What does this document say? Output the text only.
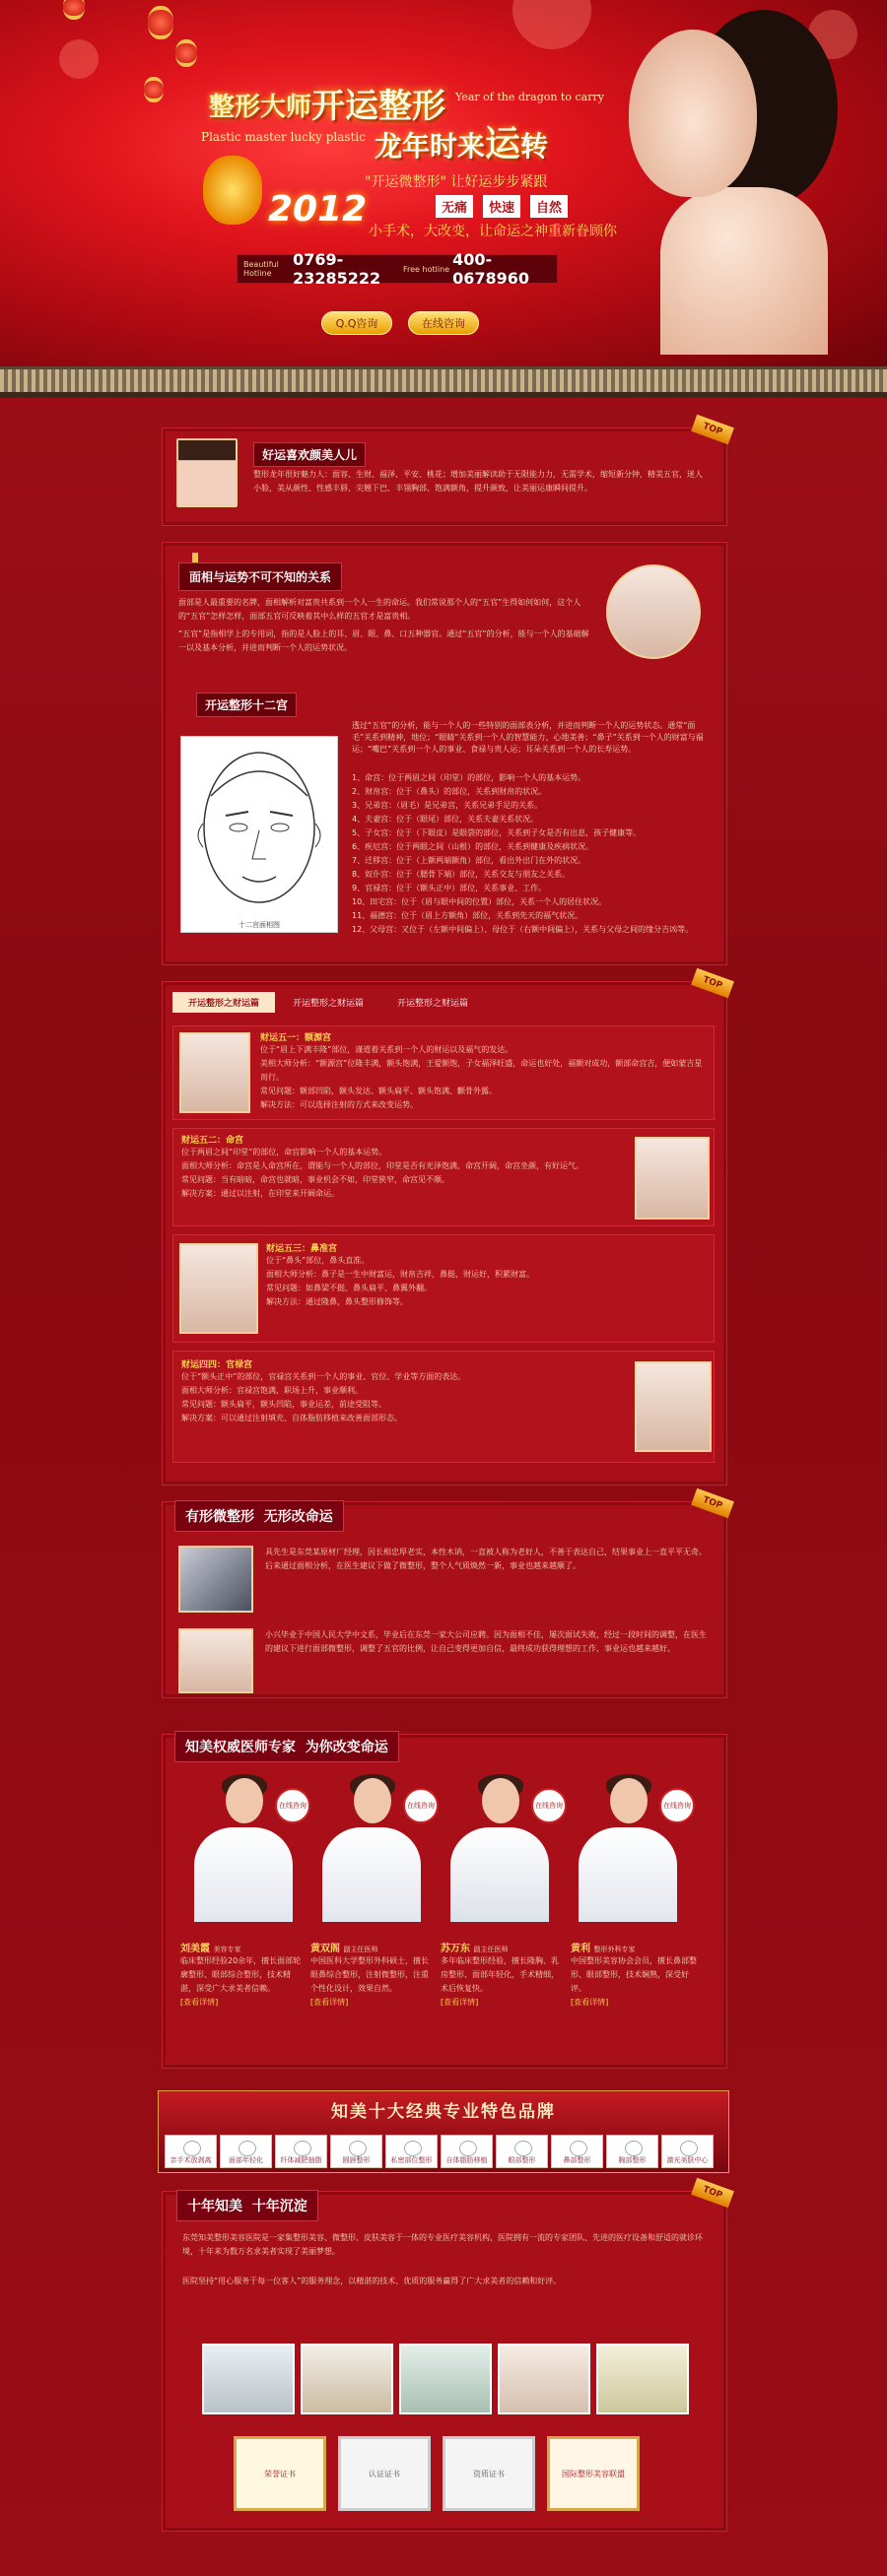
整形大师 开运整形 Year of the dragon to carry
Plastic master lucky plastic 龙年时来运转
2012
"开运微整形" 让好运步步紧跟
无痛	快速	自然
小手术，大改变，让命运之神重新眷顾你
Beautiful Hotline
0769-23285222	Free hotline 400-0678960
Q.Q咨询	在线咨询
TOP
好运喜欢颜美人儿
整形龙年很好魅力人：面容、生财、福泽、平安、桃花；增加美丽解读助于无限能力力，无需学术，缩短新分钟，精美五官，迷人小脸，美从颜性、性感丰唇、尖翘下巴、丰翎胸部、饱满额角，提升颜致，让美丽运康瞬间提升。
面相与运势不可不知的关系
面部是人最重要的名牌，面相解析对富贵共系到一个人一生的命运。我们常说那个人的“五官”生得如何如何，这个人的“五官”怎样怎样，面部五官可反映着其中么样的五官才是富贵相。
“五官”是指相学上的专用词，指的是人脸上的耳、眉、眼、鼻、口五种器官。通过“五官”的分析，能与一个人的基础解一以及基本分析，并进而判断一个人的运势状况。
开运整形十二宫
十二宫面相图
透过“五官”的分析，能与一个人的一些特别的面部表分析，并进而判断一个人的运势状态。通常“面毛”关系到精神，地位；“眼睛”关系到一个人的智慧能力、心地美善；“鼻子”关系到一个人的财富与福运；“嘴巴”关系到一个人的事业、食禄与贵人运；耳朵关系到一个人的长寿运势。
1、命宫：位于两眉之间（印堂）的部位，影响一个人的基本运势。
2、财帛宫：位于（鼻头）的部位，关系到财帛的状况。
3、兄弟宫：（眉毛）是兄弟宫，关系兄弟手足的关系。
4、夫妻宫：位于（眼尾）部位，关系夫妻关系状况。
5、子女宫：位于（下眼皮）是眼袋的部位，关系到子女是否有出息，孩子健康等。
6、疾厄宫：位于两眼之间（山根）的部位，关系到健康及疾病状况。
7、迁移宫：位于（上额两端额角）部位，看出外出门在外的状况。
8、奴仆宫：位于（腮骨下端）部位，关系交友与朋友之关系。
9、官禄宫：位于（额头正中）部位，关系事业、工作。
10、田宅宫：位于（眉与眼中间的位置）部位，关系一个人的居住状况。
11、福德宫：位于（眉上方额角）部位，关系到先天的福气状况。
12、父母宫：又位于（左额中间偏上）、母位于（右额中间偏上），关系与父母之间的缘分吉凶等。
TOP
开运整形之财运篇	开运整形之财运篇	开运整形之财运篇
财运五一：额源宫
位于“眉上下满丰隆”部位，谨道着关系到一个人的财运以及福气的发达。
美相大师分析：“额源宫”位隆丰满，额头饱满，王爱额饱，子女福泽旺盛，命运也好处，福额对成功，额部命宫吉，便如蒙吉星而行。
常见问题：额部凹陷，额头发达、额头扁平、额头饱满、颧骨外露。
解决方法：可以选择注射的方式来改变运势。
财运五二：命宫
位于两眉之间“印堂”的部位，命宫影响一个人的基本运势。
面相大师分析：命宫是人命宫所在，谓能与一个人的部位，印堂是否有光泽饱满，命宫开阔，命宫坐颜，有好运气。
常见问题：当有暗暗，命宫也就暗，事业机会不如，印堂狭窄，命宫见不顺。
解决方案：通过以注射，在印堂来开阔命运。
财运五三：鼻准宫
位于“鼻头”部位，鼻头直准。
面相大师分析：鼻子是一生中财富运，财帛吉祥，鼻挺，财运好，积累财富。
常见问题：如鼻梁不挺、鼻头扁平、鼻翼外翻。
解决方法：通过隆鼻，鼻头整形修饰等。
财运四四：官禄宫
位于“额头正中”的部位，官禄宫关系到一个人的事业、官位、学业等方面的表达。
面相大师分析：官禄宫饱满，职场上升，事业顺利。
常见问题：额头扁平，额头凹陷，事业运差，前途受阻等。
解决方案：可以通过注射填充、自体脂肪移植来改善面部形态。
TOP
有形微整形 无形改命运
具先生是东莞某原材厂经理，因长相忠厚老实，本性木讷，一直被人称为老好人，不善于表达自己，结果事业上一直平平无奇。后来通过面相分析，在医生建议下做了微整形，整个人气质焕然一新，事业也越来越顺了。
小兴毕业于中国人民大学中文系，毕业后在东莞一家大公司应聘。因为面相不佳，屡次面试失败，经过一段时间的调整，在医生的建议下进行面部微整形，调整了五官的比例，让自己变得更加自信，最终成功获得理想的工作，事业运也越来越好。
知美权威医师专家 为你改变命运
在线咨询	在线咨询	在线咨询	在线咨询
刘美霞 美容专家
临床整形经验20余年，擅长面部轮廓整形、眼部综合整形，技术精湛，深受广大求美者信赖。
[查看详情]
黄双阁 副主任医师
中国医科大学整形外科硕士，擅长眼鼻综合整形，注射微整形，注重个性化设计，效果自然。
[查看详情]
苏万东 副主任医师
多年临床整形经验，擅长隆胸、乳房整形、面部年轻化，手术精细，术后恢复快。
[查看详情]
黄利 整形外科专家
中国整形美容协会会员，擅长鼻部整形、眼部整形，技术娴熟，深受好评。
[查看详情]
知美十大经典专业特色品牌
亲手术放剥离	面部年轻化	纤体减肥抽脂	圆唇整形	私密部位整形	自体脂肪移植	眼部整形	鼻部整形	胸部整形	激光美肤中心
TOP
十年知美 十年沉淀
东莞知美整形美容医院是一家集整形美容、微整形、皮肤美容于一体的专业医疗美容机构，医院拥有一流的专家团队、先进的医疗设备和舒适的就诊环境，十年来为数万名求美者实现了美丽梦想。
医院坚持“用心服务于每一位客人”的服务理念，以精湛的技术、优质的服务赢得了广大求美者的信赖和好评。
荣誉证书	认证证书	资质证书	国际整形美容联盟
